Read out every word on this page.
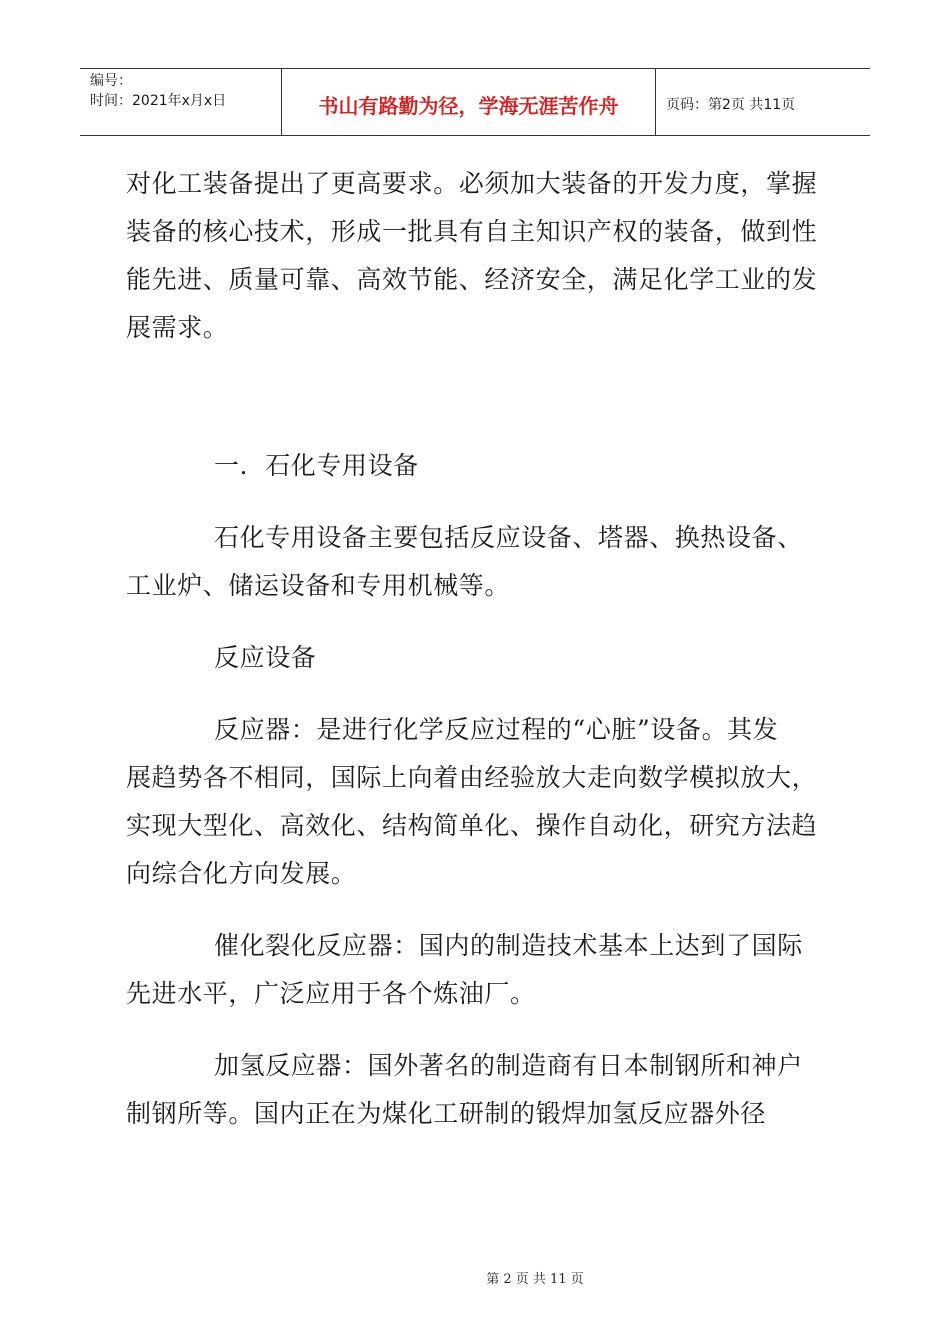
编号：
时间：2021年x月x日	书山有路勤为径，学海无涯苦作舟	页码：第2页 共11页

对化工装备提出了更高要求。必须加大装备的开发力度，掌握

装备的核心技术，形成一批具有自主知识产权的装备，做到性

能先进、质量可靠、高效节能、经济安全，满足化学工业的发

展需求。

一．石化专用设备

石化专用设备主要包括反应设备、塔器、换热设备、

工业炉、储运设备和专用机械等。

反应设备

反应器：是进行化学反应过程的“心脏”设备。其发

展趋势各不相同，国际上向着由经验放大走向数学模拟放大，

实现大型化、高效化、结构简单化、操作自动化，研究方法趋

向综合化方向发展。

催化裂化反应器：国内的制造技术基本上达到了国际

先进水平，广泛应用于各个炼油厂。

加氢反应器：国外著名的制造商有日本制钢所和神户

制钢所等。国内正在为煤化工研制的锻焊加氢反应器外径

第 2 页 共 11 页
